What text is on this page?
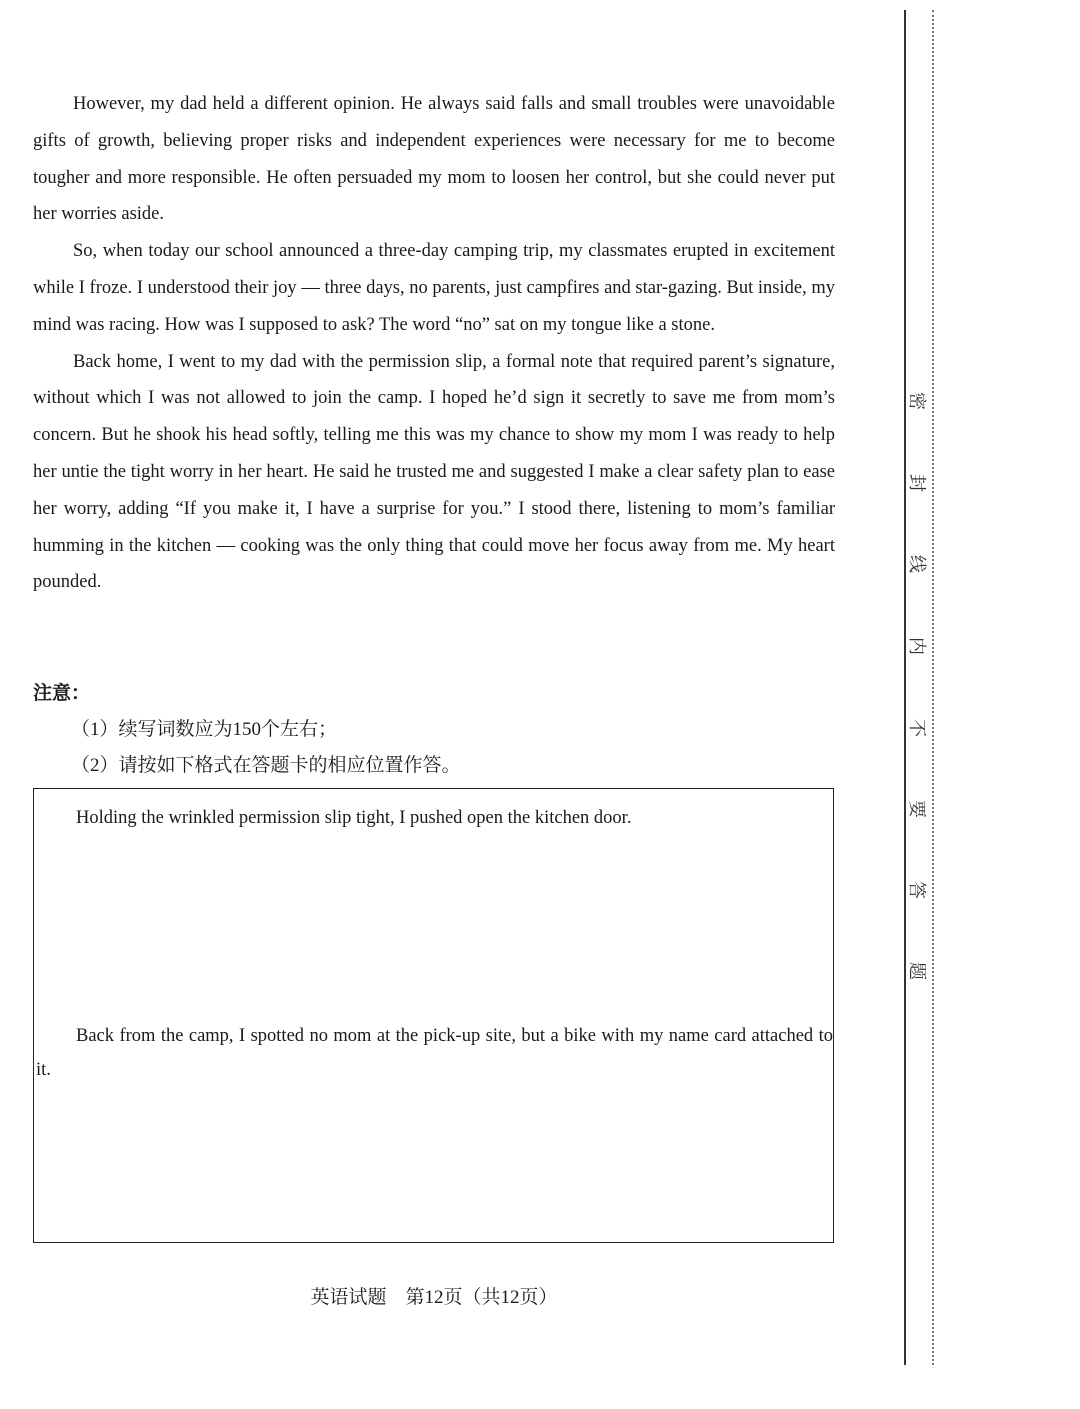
However, my dad held a different opinion. He always said falls and small troubles were unavoidable gifts of growth, believing proper risks and independent experiences were necessary for me to become tougher and more responsible. He often persuaded my mom to loosen her control, but she could never put her worries aside.

So, when today our school announced a three-day camping trip, my classmates erupted in excitement while I froze. I understood their joy — three days, no parents, just campfires and star-gazing. But inside, my mind was racing. How was I supposed to ask? The word “no” sat on my tongue like a stone.

Back home, I went to my dad with the permission slip, a formal note that required parent’s signature, without which I was not allowed to join the camp. I hoped he’d sign it secretly to save me from mom’s concern. But he shook his head softly, telling me this was my chance to show my mom I was ready to help her untie the tight worry in her heart. He said he trusted me and suggested I make a clear safety plan to ease her worry, adding “If you make it, I have a surprise for you.” I stood there, listening to mom’s familiar humming in the kitchen — cooking was the only thing that could move her focus away from me. My heart pounded.

注意：
（1）续写词数应为150个左右；
（2）请按如下格式在答题卡的相应位置作答。
Holding the wrinkled permission slip tight, I pushed open the kitchen door.
Back from the camp, I spotted no mom at the pick-up site, but a bike with my name card attached to it.
英语试题　第12页（共12页）
密
封
线
内
不
要
答
题
